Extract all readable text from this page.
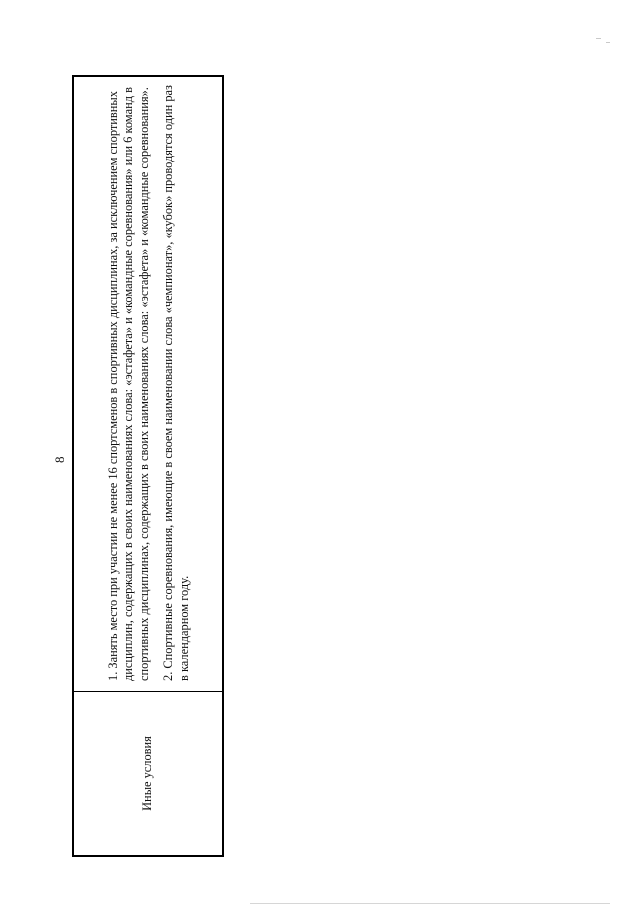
8
Иные условия	

1. Занять место при участии не менее 16 спортсменов в спортивных дисциплинах, за исключением спортивных дисциплин, содержащих в своих наименованиях слова: «эстафета» и «командные соревнования» или 6 команд в спортивных дисциплинах, содержащих в своих наименованиях слова: «эстафета» и «командные соревнования». 2. Спортивные соревнования, имеющие в своем наименовании слова «чемпионат», «кубок» проводятся один раз в календарном году.
